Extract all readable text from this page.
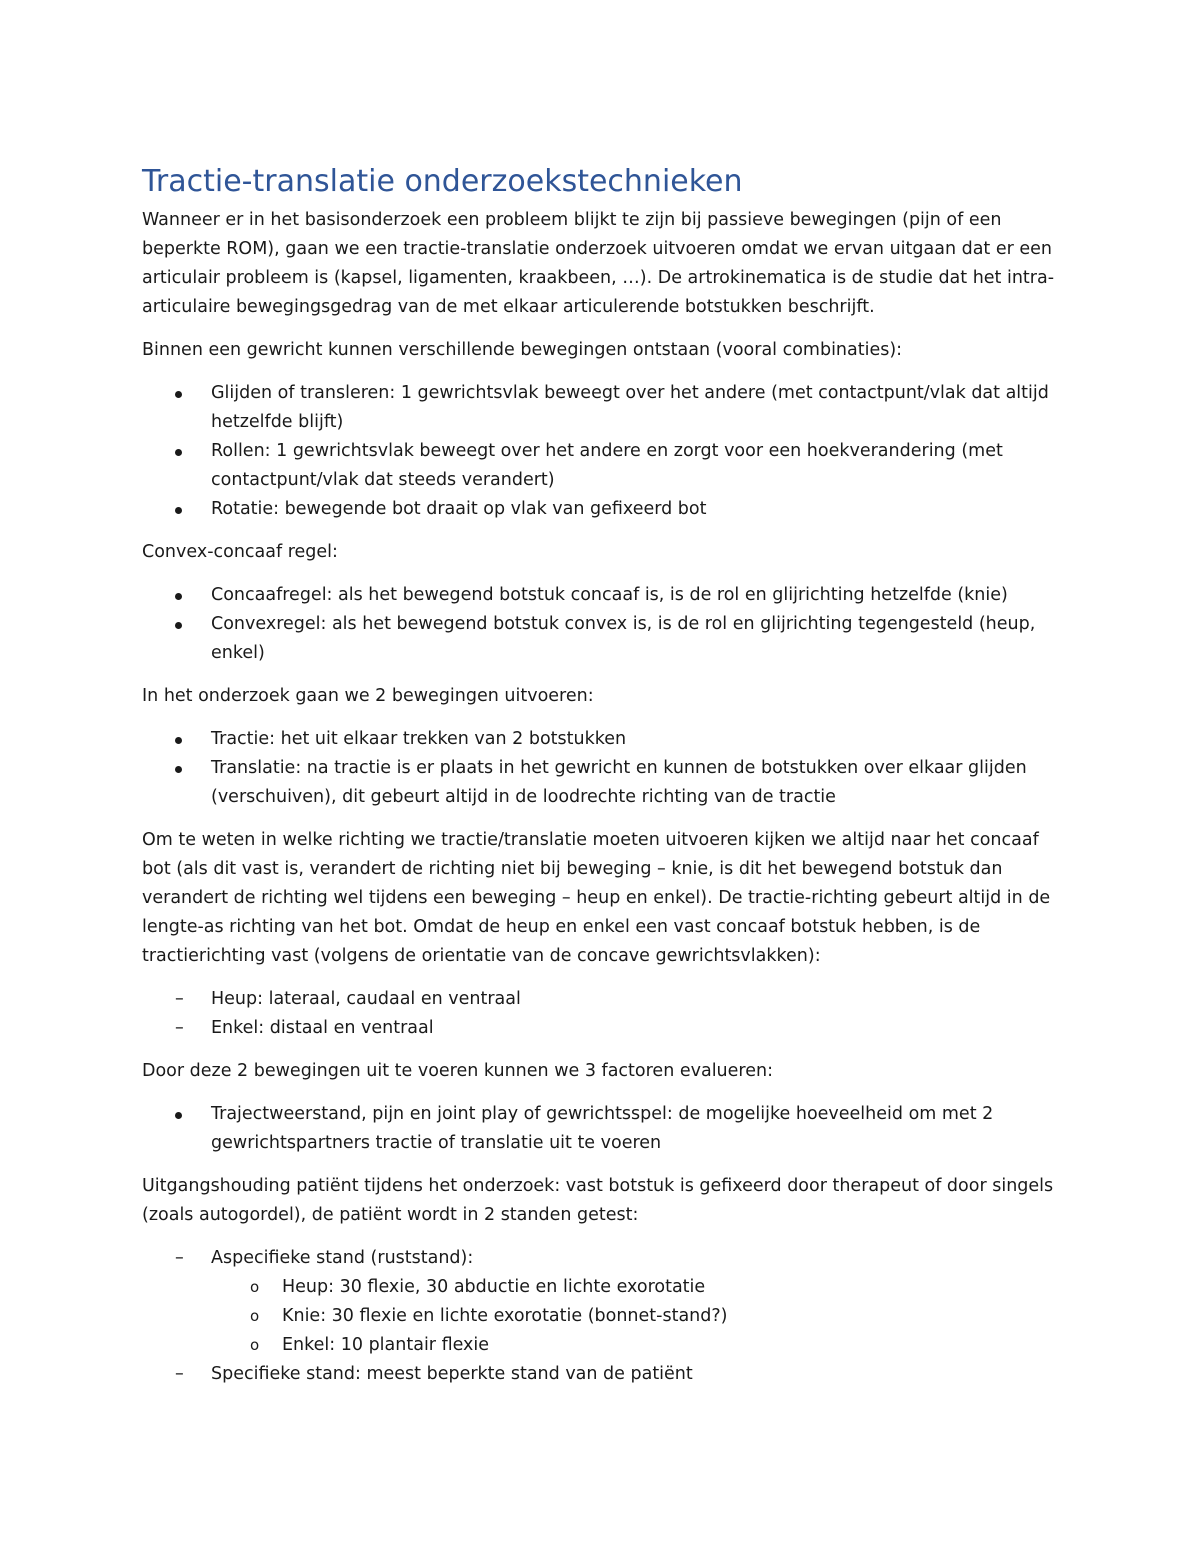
Tractie-translatie onderzoekstechnieken

Wanneer er in het basisonderzoek een probleem blijkt te zijn bij passieve bewegingen (pijn of een beperkte ROM), gaan we een tractie-translatie onderzoek uitvoeren omdat we ervan uitgaan dat er een articulair probleem is (kapsel, ligamenten, kraakbeen, …). De artrokinematica is de studie dat het intra-articulaire bewegingsgedrag van de met elkaar articulerende botstukken beschrijft.

Binnen een gewricht kunnen verschillende bewegingen ontstaan (vooral combinaties):

Glijden of transleren: 1 gewrichtsvlak beweegt over het andere (met contactpunt/vlak dat altijd hetzelfde blijft)
Rollen: 1 gewrichtsvlak beweegt over het andere en zorgt voor een hoekverandering (met contactpunt/vlak dat steeds verandert)
Rotatie: bewegende bot draait op vlak van gefixeerd bot

Convex-concaaf regel:

Concaafregel: als het bewegend botstuk concaaf is, is de rol en glijrichting hetzelfde (knie)
Convexregel: als het bewegend botstuk convex is, is de rol en glijrichting tegengesteld (heup, enkel)

In het onderzoek gaan we 2 bewegingen uitvoeren:

Tractie: het uit elkaar trekken van 2 botstukken
Translatie: na tractie is er plaats in het gewricht en kunnen de botstukken over elkaar glijden (verschuiven), dit gebeurt altijd in de loodrechte richting van de tractie

Om te weten in welke richting we tractie/translatie moeten uitvoeren kijken we altijd naar het concaaf bot (als dit vast is, verandert de richting niet bij beweging – knie, is dit het bewegend botstuk dan verandert de richting wel tijdens een beweging – heup en enkel). De tractie-richting gebeurt altijd in de lengte-as richting van het bot. Omdat de heup en enkel een vast concaaf botstuk hebben, is de tractierichting vast (volgens de orientatie van de concave gewrichtsvlakken):

– Heup: lateraal, caudaal en ventraal
– Enkel: distaal en ventraal

Door deze 2 bewegingen uit te voeren kunnen we 3 factoren evalueren:

Trajectweerstand, pijn en joint play of gewrichtsspel: de mogelijke hoeveelheid om met 2 gewrichtspartners tractie of translatie uit te voeren

Uitgangshouding patiënt tijdens het onderzoek: vast botstuk is gefixeerd door therapeut of door singels (zoals autogordel), de patiënt wordt in 2 standen getest:

– Aspecifieke stand (ruststand):
o Heup: 30 flexie, 30 abductie en lichte exorotatie
o Knie: 30 flexie en lichte exorotatie (bonnet-stand?)
o Enkel: 10 plantair flexie
– Specifieke stand: meest beperkte stand van de patiënt
